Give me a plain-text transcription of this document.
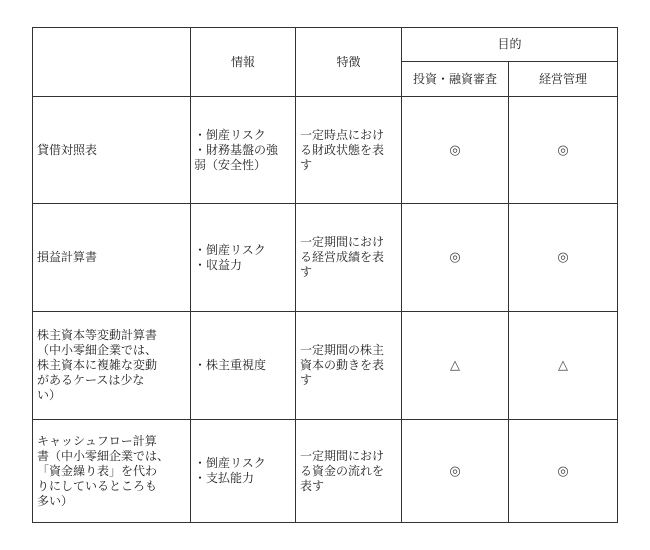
	情報	特徴	目的	
			投資・融資審査	経営管理

貸借対照表	・倒産リスク
・財務基盤の強
弱（安全性）	一定時点におけ
る財政状態を表
す	◎	◎

損益計算書	・倒産リスク
・収益力	一定期間におけ
る経営成績を表
す	◎	◎

株主資本等変動計算書
（中小零細企業では、
株主資本に複雑な変動
があるケースは少な
い）	・株主重視度	一定期間の株主
資本の動きを表
す	△	△

キャッシュフロー計算
書（中小零細企業では、
「資金繰り表」を代わ
りにしているところも
多い）	・倒産リスク
・支払能力	一定期間におけ
る資金の流れを
表す	◎	◎
